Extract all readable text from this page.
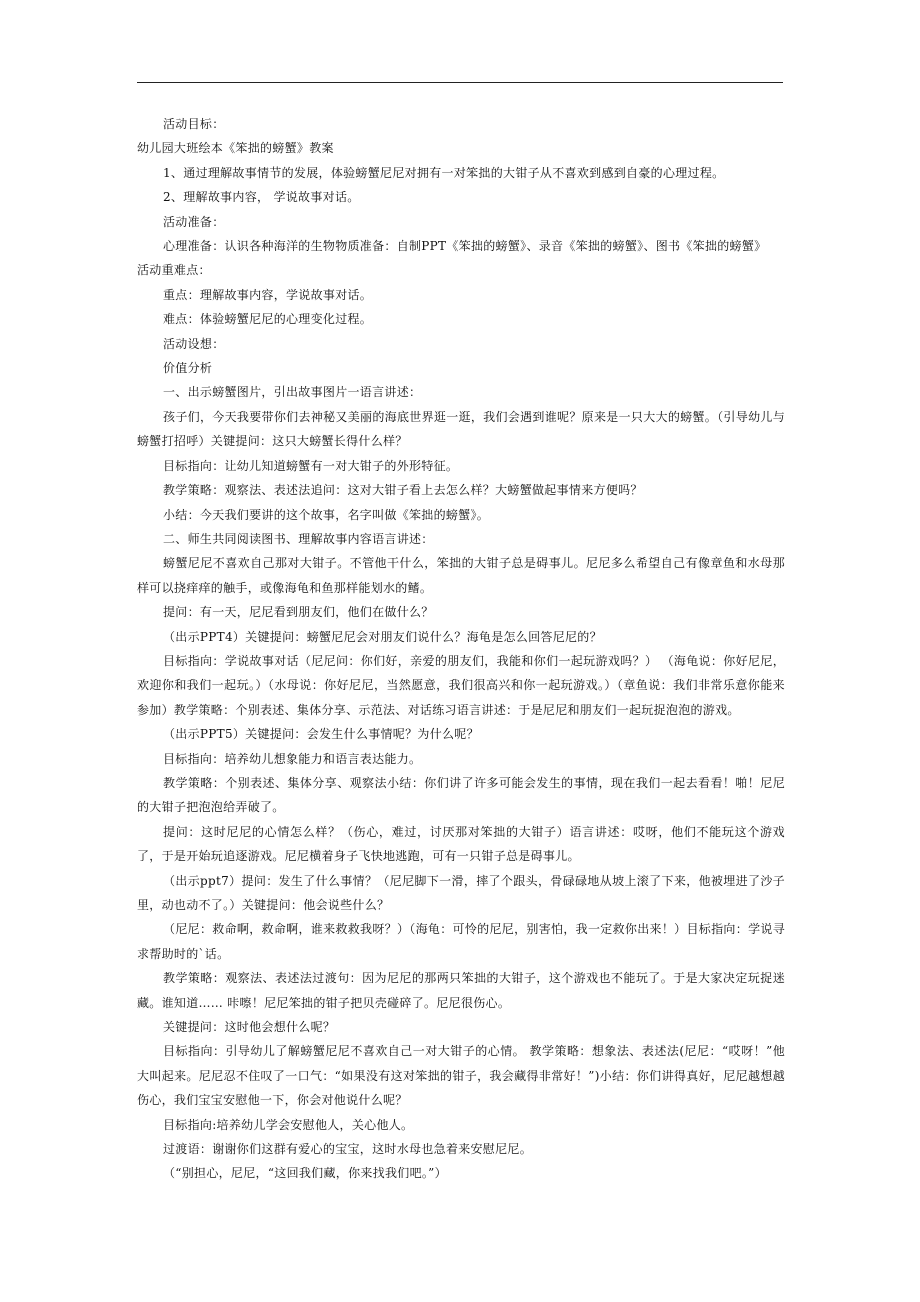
活动目标：

幼儿园大班绘本《笨拙的螃蟹》教案

1、通过理解故事情节的发展，体验螃蟹尼尼对拥有一对笨拙的大钳子从不喜欢到感到自豪的心理过程。

2、理解故事内容， 学说故事对话。

活动准备：

心理准备：认识各种海洋的生物物质准备：自制PPT《笨拙的螃蟹》、录音《笨拙的螃蟹》、图书《笨拙的螃蟹》

活动重难点：

重点：理解故事内容，学说故事对话。

难点：体验螃蟹尼尼的心理变化过程。

活动设想：

价值分析

一、出示螃蟹图片，引出故事图片一语言讲述：

孩子们，今天我要带你们去神秘又美丽的海底世界逛一逛，我们会遇到谁呢？原来是一只大大的螃蟹。（引导幼儿与螃蟹打招呼）关键提问：这只大螃蟹长得什么样？

目标指向：让幼儿知道螃蟹有一对大钳子的外形特征。

教学策略：观察法、表述法追问：这对大钳子看上去怎么样？大螃蟹做起事情来方便吗？

小结：今天我们要讲的这个故事，名字叫做《笨拙的螃蟹》。

二、师生共同阅读图书、理解故事内容语言讲述：

螃蟹尼尼不喜欢自己那对大钳子。不管他干什么，笨拙的大钳子总是碍事儿。尼尼多么希望自己有像章鱼和水母那样可以挠痒痒的触手，或像海龟和鱼那样能划水的鳍。

提问：有一天，尼尼看到朋友们，他们在做什么？

（出示PPT4）关键提问：螃蟹尼尼会对朋友们说什么？海龟是怎么回答尼尼的？

目标指向：学说故事对话（尼尼问：你们好，亲爱的朋友们，我能和你们一起玩游戏吗？） （海龟说：你好尼尼，欢迎你和我们一起玩。）（水母说：你好尼尼，当然愿意，我们很高兴和你一起玩游戏。）（章鱼说：我们非常乐意你能来参加）教学策略：个别表述、集体分享、示范法、对话练习语言讲述：于是尼尼和朋友们一起玩捉泡泡的游戏。

（出示PPT5）关键提问：会发生什么事情呢？为什么呢？

目标指向：培养幼儿想象能力和语言表达能力。

教学策略：个别表述、集体分享、观察法小结：你们讲了许多可能会发生的事情，现在我们一起去看看！啪！尼尼的大钳子把泡泡给弄破了。

提问：这时尼尼的心情怎么样？（伤心，难过，讨厌那对笨拙的大钳子）语言讲述：哎呀，他们不能玩这个游戏了，于是开始玩追逐游戏。尼尼横着身子飞快地逃跑，可有一只钳子总是碍事儿。

（出示ppt7）提问：发生了什么事情？（尼尼脚下一滑，摔了个跟头，骨碌碌地从坡上滚了下来，他被埋进了沙子里，动也动不了。）关键提问：他会说些什么？

（尼尼：救命啊，救命啊，谁来救救我呀？）（海龟：可怜的尼尼，别害怕，我一定救你出来！）目标指向：学说寻求帮助时的`话。

教学策略：观察法、表述法过渡句：因为尼尼的那两只笨拙的大钳子，这个游戏也不能玩了。于是大家决定玩捉迷藏。谁知道…… 咔嚓！尼尼笨拙的钳子把贝壳碰碎了。尼尼很伤心。

关键提问：这时他会想什么呢？

目标指向：引导幼儿了解螃蟹尼尼不喜欢自己一对大钳子的心情。 教学策略：想象法、表述法(尼尼：“哎呀！”他大叫起来。尼尼忍不住叹了一口气：“如果没有这对笨拙的钳子，我会藏得非常好！”)小结：你们讲得真好，尼尼越想越伤心，我们宝宝安慰他一下，你会对他说什么呢？

目标指向:培养幼儿学会安慰他人，关心他人。

过渡语：谢谢你们这群有爱心的宝宝，这时水母也急着来安慰尼尼。

（“别担心，尼尼，“这回我们藏，你来找我们吧。”）
